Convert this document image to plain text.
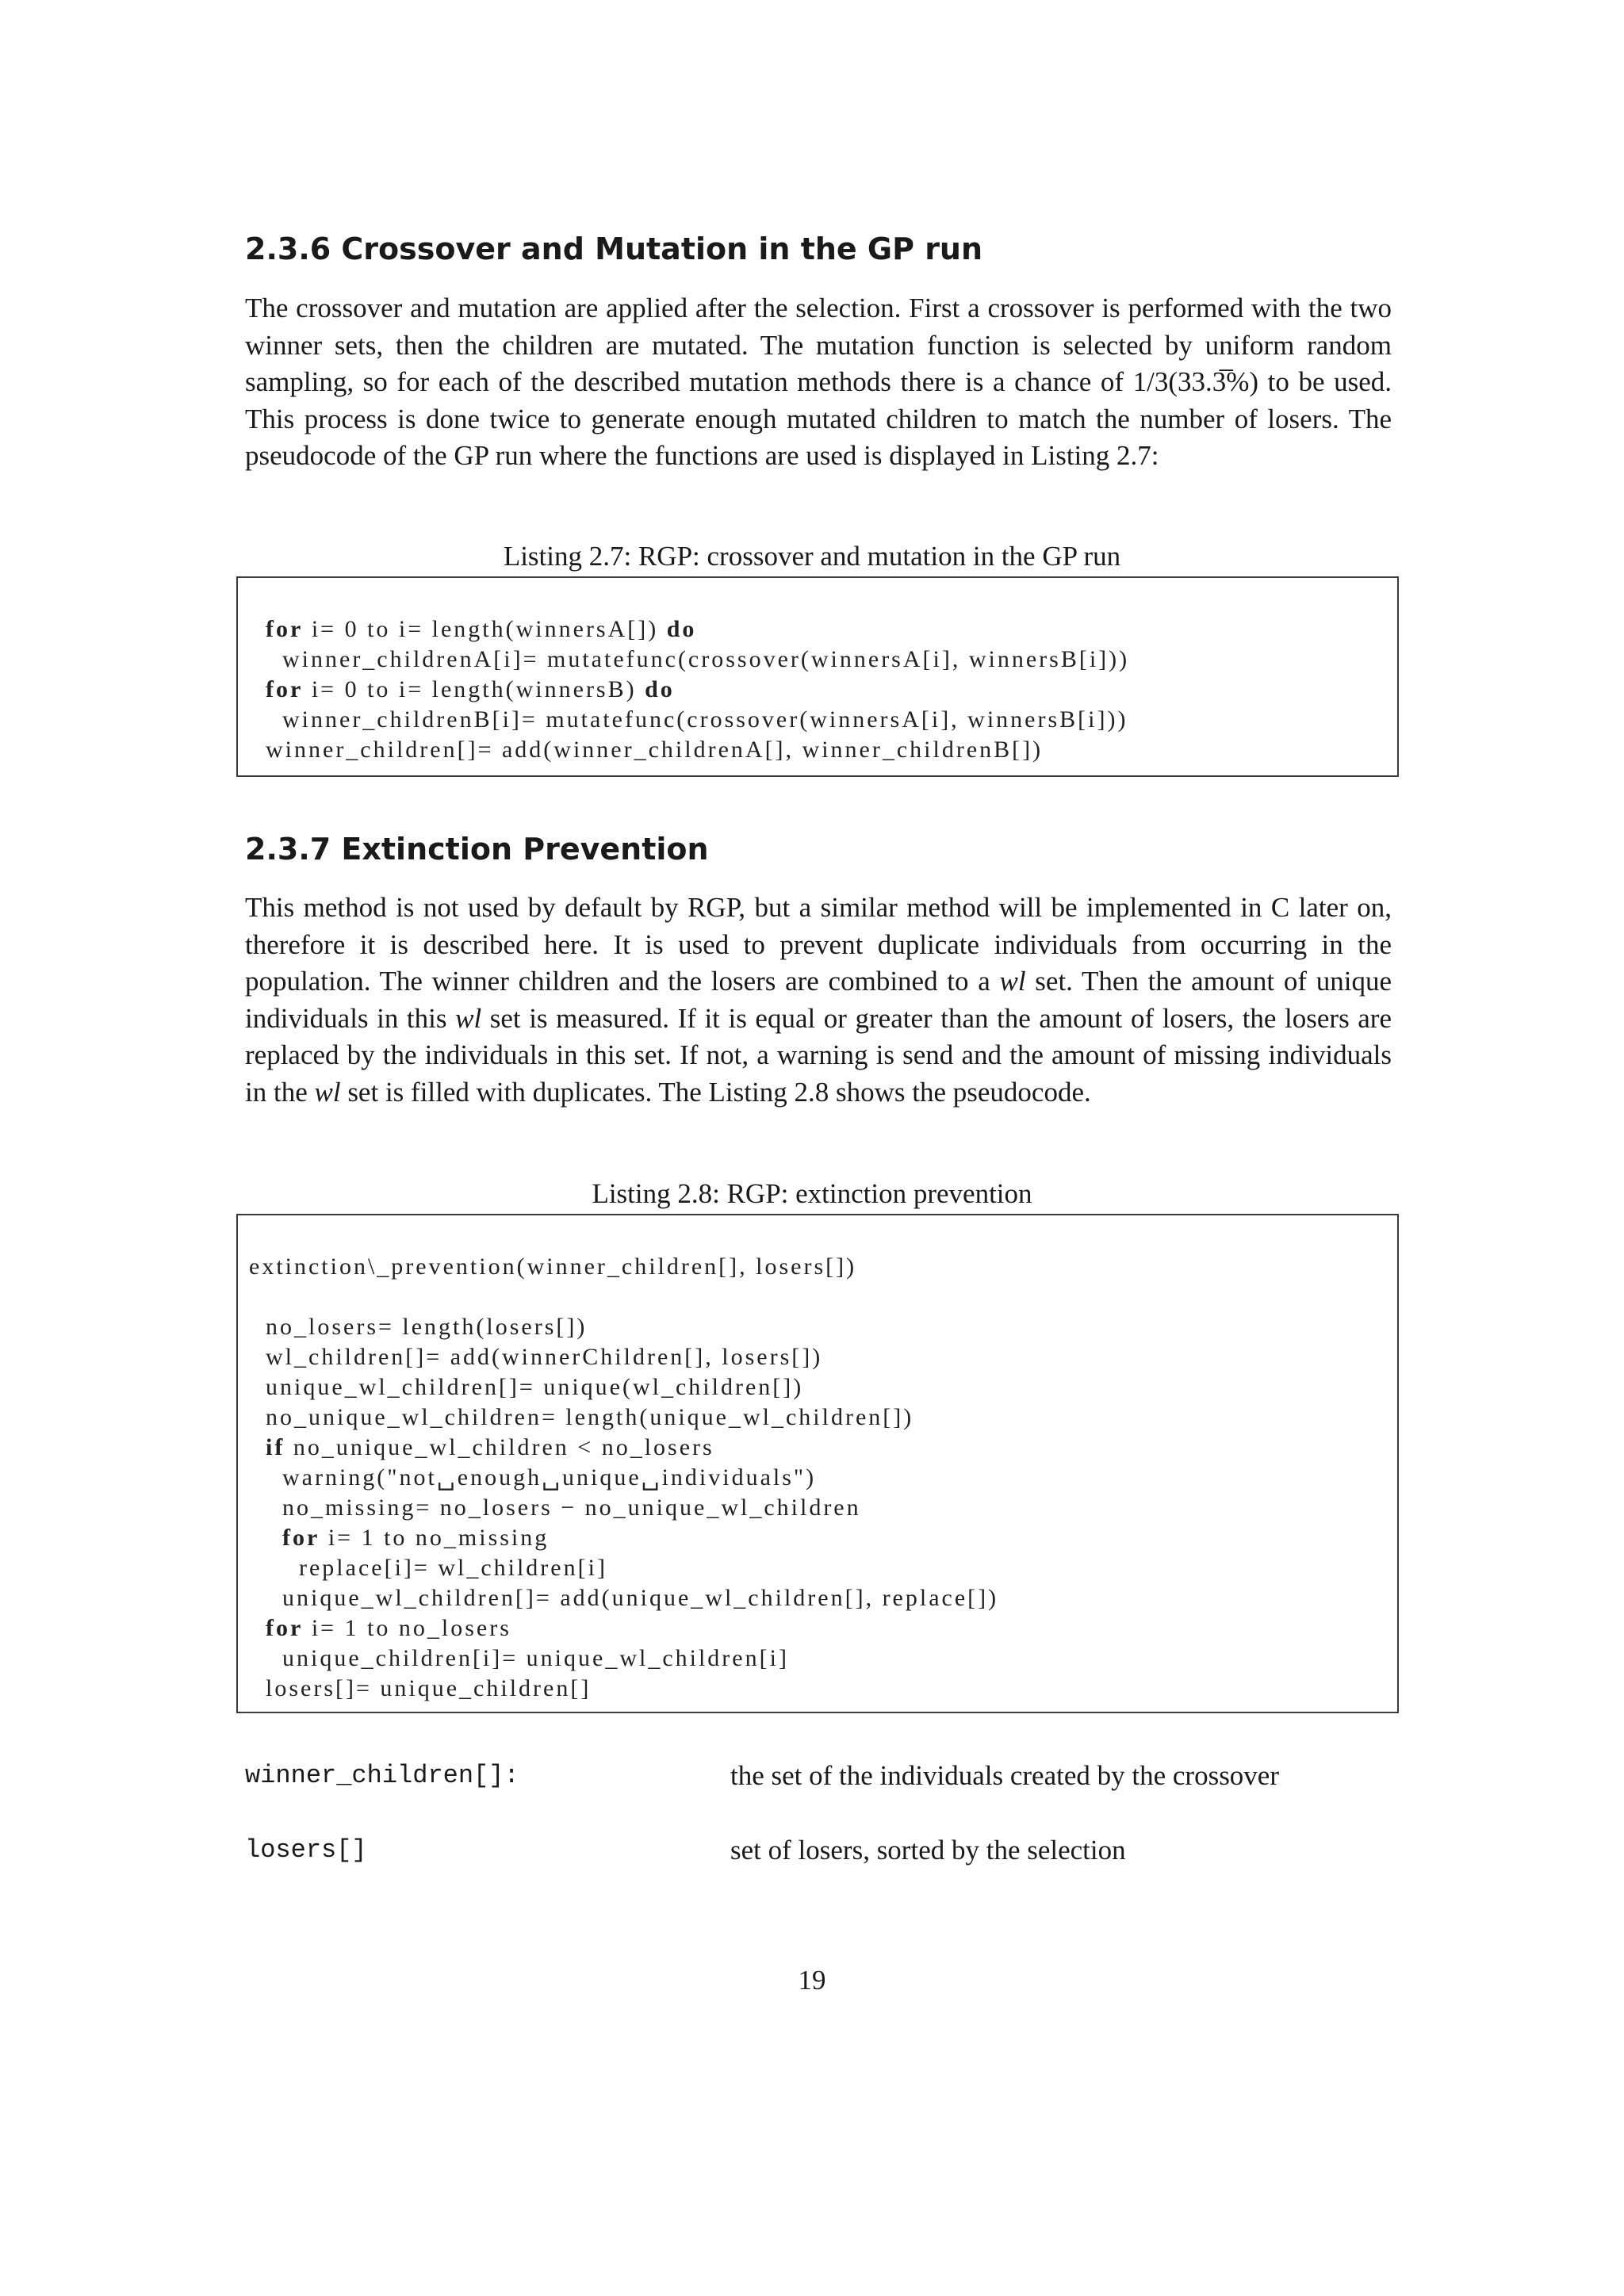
2.3.6 Crossover and Mutation in the GP run

The crossover and mutation are applied after the selection. First a crossover is performed with the two winner sets, then the children are mutated. The mutation function is selected by uniform random sampling, so for each of the described mutation methods there is a chance of 1/3(33.3̅%) to be used. This process is done twice to generate enough mutated children to match the number of losers. The pseudocode of the GP run where the functions are used is displayed in Listing 2.7:

Listing 2.7: RGP: crossover and mutation in the GP run

for i= 0 to i= length(winnersA[]) do
winner_childrenA[i]= mutatefunc(crossover(winnersA[i], winnersB[i]))
for i= 0 to i= length(winnersB) do
winner_childrenB[i]= mutatefunc(crossover(winnersA[i], winnersB[i]))
winner_children[]= add(winner_childrenA[], winner_childrenB[])
2.3.7 Extinction Prevention

This method is not used by default by RGP, but a similar method will be implemented in C later on, therefore it is described here. It is used to prevent duplicate individuals from occurring in the population. The winner children and the losers are combined to a wl set. Then the amount of unique individuals in this wl set is measured. If it is equal or greater than the amount of losers, the losers are replaced by the individuals in this set. If not, a warning is send and the amount of missing individuals in the wl set is filled with duplicates. The Listing 2.8 shows the pseudocode.

Listing 2.8: RGP: extinction prevention

extinction\_prevention(winner_children[], losers[])
no_losers= length(losers[])
wl_children[]= add(winnerChildren[], losers[])
unique_wl_children[]= unique(wl_children[])
no_unique_wl_children= length(unique_wl_children[])
if no_unique_wl_children < no_losers
warning("not␣enough␣unique␣individuals")
no_missing= no_losers − no_unique_wl_children
for i= 1 to no_missing
replace[i]= wl_children[i]
unique_wl_children[]= add(unique_wl_children[], replace[])
for i= 1 to no_losers
unique_children[i]= unique_wl_children[i]
losers[]= unique_children[]
winner_children[]:	the set of the individuals created by the crossover
losers[]	set of losers, sorted by the selection
19
